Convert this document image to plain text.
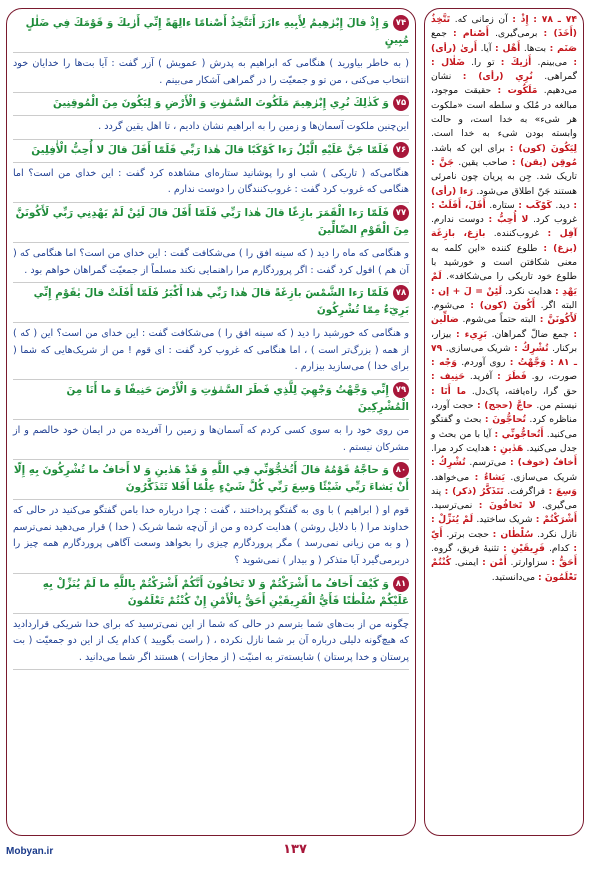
۷۴وَ إِذْ قالَ إِبْرٰهِيمُ لِأَبِيهِ ءازَرَ أَتَتَّخِذُ أَصْنامًا ءالِهَةً إِنِّي أَرٰيكَ وَ قَوْمَكَ فِي ضَلٰلٍ مُبِينٍ

( به خاطر بیاورید ) هنگامی که ابراهیم به پدرش ( عمویش ) آزر گفت : آیا بت‌ها را خدایان خود انتخاب می‌کنی ، من تو و جمعیّت را در گمراهی آشکار می‌بینم .

۷۵وَ كَذٰلِكَ نُرِي إِبْرٰهِيمَ مَلَكُوتَ السَّمٰوٰتِ وَ الْأَرْضِ وَ لِيَكُونَ مِنَ الْمُوقِنِينَ

این‌چنین ملکوت آسمان‌ها و زمین را به ابراهیم نشان دادیم ، تا اهل یقین گردد .

۷۶فَلَمّا جَنَّ عَلَيْهِ الَّيْلُ رَءا كَوْكَبًا قالَ هٰذا رَبِّي فَلَمّا أَفَلَ قالَ لا أُحِبُّ الْأٰفِلِينَ

هنگامی‌که ( تاریکی ) شب او را پوشانید ستاره‌ای مشاهده کرد گفت : این خدای من است؟ اما هنگامی که غروب کرد گفت : غروب‌کنندگان را دوست ندارم .

۷۷فَلَمّا رَءا الْقَمَرَ بازِغًا قالَ هٰذا رَبِّي فَلَمّا أَفَلَ قالَ لَئِنْ لَمْ يَهْدِنِي رَبِّي لَأَكُونَنَّ مِنَ الْقَوْمِ الضّالِّينَ

و هنگامی که ماه را دید ( که سینه افق را ) می‌شکافت گفت : این خدای من است؟ اما هنگامی که ( آن هم ) افول کرد گفت : اگر پروردگارم مرا راهنمایی نکند مسلماً از جمعیّت گمراهان خواهم بود .

۷۸فَلَمّا رَءا الشَّمْسَ بازِغَةً قالَ هٰذا رَبِّي هٰذا أَكْبَرُ فَلَمّا أَفَلَتْ قالَ يٰقَوْمِ إِنِّي بَرِيٓءٌ مِمّا تُشْرِكُونَ

و هنگامی که خورشید را دید ( که سینه افق را ) می‌شکافت گفت : این خدای من است؟ این ( که ) از همه ( بزرگ‌تر است ) ، اما هنگامی که غروب کرد گفت : ای قوم ! من از شریک‌هایی که شما ( برای خدا ) می‌سازید بیزارم .

۷۹إِنِّي وَجَّهْتُ وَجْهِيَ لِلَّذِي فَطَرَ السَّمٰوٰتِ وَ الْأَرْضَ حَنِيفًا وَ ما أَنَا مِنَ الْمُشْرِكِينَ

من روی خود را به سوی کسی کردم که آسمان‌ها و زمین را آفریده من در ایمان خود خالصم و از مشرکان نیستم .

۸۰وَ حاجَّهُ قَوْمُهُ قالَ أَتُحٰجُّوٓنِّي فِي اللَّهِ وَ قَدْ هَدٰينِ وَ لا أَخافُ ما تُشْرِكُونَ بِهِ إِلّا أَنْ يَشاءَ رَبِّي شَيْئًا وَسِعَ رَبِّي كُلَّ شَيْءٍ عِلْمًا أَفَلا تَتَذَكَّرُونَ

قوم او ( ابراهیم ) با وی به گفتگو پرداختند ، گفت : چرا درباره خدا بامن گفتگو می‌کنید در حالی که خداوند مرا ( با دلایل روشن ) هدایت کرده و من از آن‌چه شما شریک ( خدا ) قرار می‌دهید نمی‌ترسم ( و به من زیانی نمی‌رسد ) مگر پروردگارم چیزی را بخواهد وسعت آگاهی پروردگارم همه چیز را دربرمی‌گیرد آیا متذکر ( و بیدار ) نمی‌شوید ؟

۸۱وَ كَيْفَ أَخافُ ما أَشْرَكْتُمْ وَ لا تَخافُونَ أَنَّكُمْ أَشْرَكْتُمْ بِاللَّهِ ما لَمْ يُنَزِّلْ بِهِ عَلَيْكُمْ سُلْطٰنًا فَأَيُّ الْفَرِيقَيْنِ أَحَقُّ بِالْأَمْنِ إِنْ كُنْتُمْ تَعْلَمُونَ

چگونه من از بت‌های شما بترسم در حالی که شما از این نمی‌ترسید که برای خدا شریکی قراردادید که هیچ‌گونه دلیلی درباره آن بر شما نازل نکرده ، ( راست بگویید ) کدام یک از این دو جمعیّت ( بت پرستان و خدا پرستان ) شایسته‌تر به امنیّت ( از مجازات ) هستند اگر شما می‌دانید .

۷۴ ـ ۷۸ : إِذْ : آن زمانی که. تَتَّخِذُ (أَخَذَ) : برمی‌گیری. أَصْنام : جمع صَنَم : بت‌ها. أَهْل : آیا. أَرىٰ (رأى) : می‌بینم. أَرٰيكَ : تو را. ضَلٰال : گمراهی. نُرِي (رأى) : نشان می‌دهیم. مَلَكُوت : حقیقت موجود، مبالغه در مُلک و سلطه است «ملکوت هر شیء» به خدا است، و حالت وابسته بودن شیء به خدا است. لِيَكُونَ (كون) : برای این که باشد. مُوقِن (يقن) : صاحب یقین. جَنَّ : تاریک شد. جِن به پریان چون نامرئی هستند جَنّ اطلاق می‌شود. رَءا (رأى) : دید. كَوْكَب : ستاره. أَفَلَ، أَفَلَتْ : غروب کرد. لا أُحِبُّ : دوست ندارم. آفِل : غروب‌کننده. بازِغ، بازِغَة (بزغ) : طلوع کننده «این کلمه به معنی شکافتن است و خورشید با طلوع خود تاریکی را می‌شکافد». لَمْ يَهْدِ : هدایت نکرد. لَئِنْ = لَ + إن : البته اگر. أَكُونَ (كون) : می‌شوم. لَأَكُونَنَّ : البته حتماً می‌شوم. ضالِّين : جمع ضالّ گمراهان. بَرِيء : بیزار، برکنار. تُشْرِكُ : شریک می‌سازی. ۷۹ ـ ۸۱ : وَجَّهْتُ : روی آوردم. وَجْه : صورت، رو. فَطَرَ : آفرید. حَنِيف : حق گرا، راه‌یافته، پاک‌دل. ما أَنَا : نیستم من. حاجَّ (حجج) : حجت آورد، مناظره کرد. تُحاجُّونَ : بحث و گفتگو می‌کنید. أَتُحاجُّونِّي : آیا با من بحث و جدل می‌کنید. هَدٰينِ : هدایت کرد مرا. أَخافُ (خوف) : می‌ترسم. تُشْرِكُ : شریک می‌سازی. يَشاءُ : می‌خواهد. وَسِعَ : فراگرفت. تَتَذَكَّرُ (ذكر) : پند می‌گیری. لا تَخافُونَ : نمی‌ترسید. أَشْرَكْتُمْ : شریک ساختید. لَمْ يُنَزِّلْ : نازل نکرد. سُلْطٰان : حجت برتر. أَيّ : کدام. فَرِيقَيْنِ : تثنیهٔ فریق، گروه. أَحَقُّ : سزاوارتر. أَمْن : ایمنی. كُنْتُمْ تَعْلَمُونَ : می‌دانستید.

Mobyan.ir	۱۳۷
